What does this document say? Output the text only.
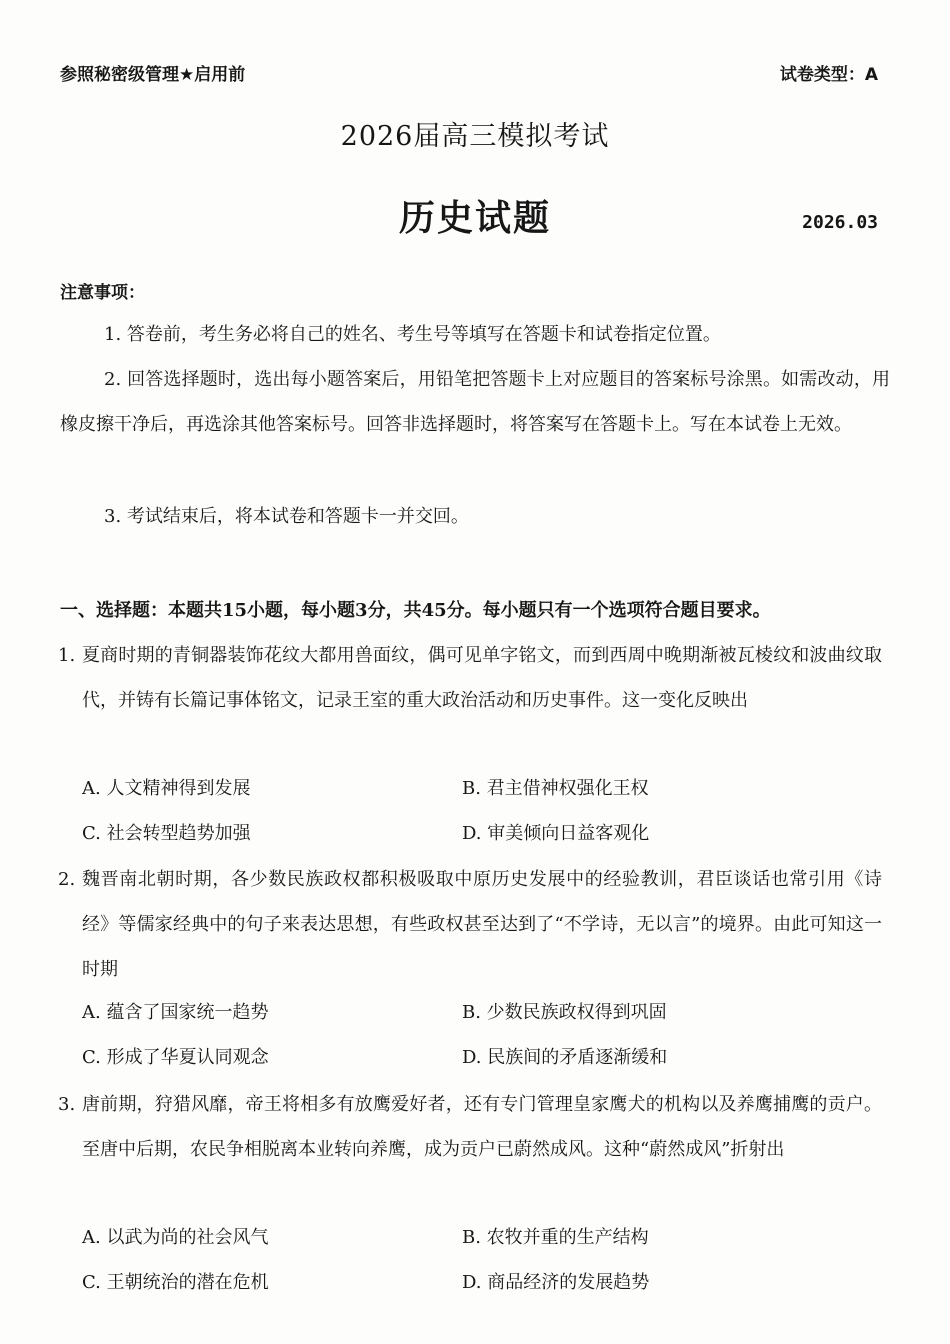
参照秘密级管理★启用前	试卷类型：A
2026届高三模拟考试
历史试题	2026.03
注意事项：
1. 答卷前，考生务必将自己的姓名、考生号等填写在答题卡和试卷指定位置。
2. 回答选择题时，选出每小题答案后，用铅笔把答题卡上对应题目的答案标号涂黑。如需改动，用橡皮擦干净后，再选涂其他答案标号。回答非选择题时，将答案写在答题卡上。写在本试卷上无效。
3. 考试结束后，将本试卷和答题卡一并交回。
一、选择题：本题共15小题，每小题3分，共45分。每小题只有一个选项符合题目要求。
1. 夏商时期的青铜器装饰花纹大都用兽面纹，偶可见单字铭文，而到西周中晚期渐被瓦棱纹和波曲纹取代，并铸有长篇记事体铭文，记录王室的重大政治活动和历史事件。这一变化反映出
A. 人文精神得到发展	B. 君主借神权强化王权
C. 社会转型趋势加强	D. 审美倾向日益客观化
2. 魏晋南北朝时期，各少数民族政权都积极吸取中原历史发展中的经验教训，君臣谈话也常引用《诗经》等儒家经典中的句子来表达思想，有些政权甚至达到了“不学诗，无以言”的境界。由此可知这一时期
A. 蕴含了国家统一趋势	B. 少数民族政权得到巩固
C. 形成了华夏认同观念	D. 民族间的矛盾逐渐缓和
3. 唐前期，狩猎风靡，帝王将相多有放鹰爱好者，还有专门管理皇家鹰犬的机构以及养鹰捕鹰的贡户。至唐中后期，农民争相脱离本业转向养鹰，成为贡户已蔚然成风。这种“蔚然成风”折射出
A. 以武为尚的社会风气	B. 农牧并重的生产结构
C. 王朝统治的潜在危机	D. 商品经济的发展趋势
